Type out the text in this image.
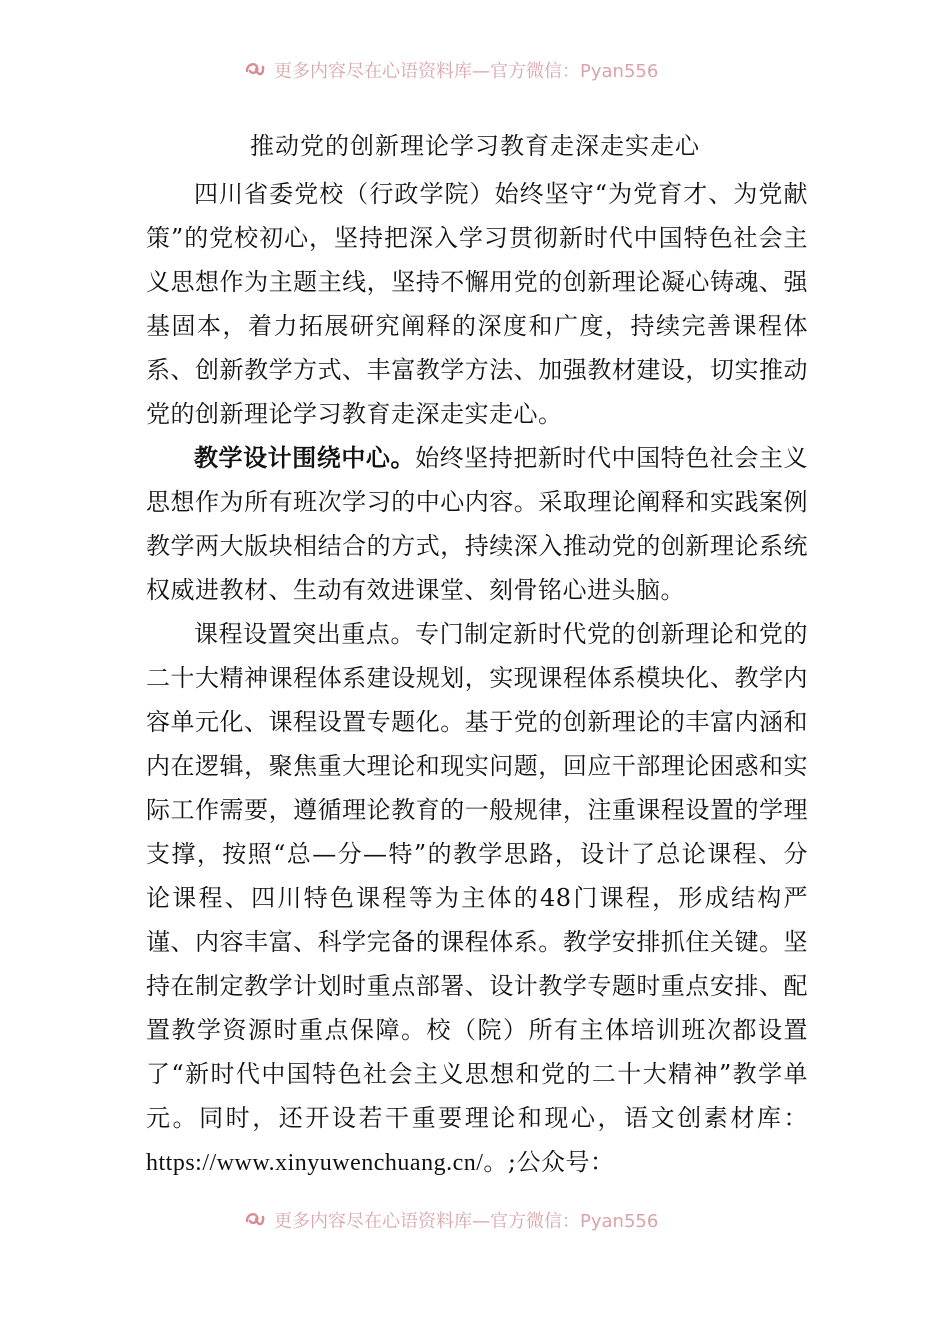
更多内容尽在心语资料库—官方微信：Pyan556
推动党的创新理论学习教育走深走实走心

四川省委党校（行政学院）始终坚守“为党育才、为党献策”的党校初心，坚持把深入学习贯彻新时代中国特色社会主义思想作为主题主线，坚持不懈用党的创新理论凝心铸魂、强基固本，着力拓展研究阐释的深度和广度，持续完善课程体系、创新教学方式、丰富教学方法、加强教材建设，切实推动党的创新理论学习教育走深走实走心。

教学设计围绕中心。始终坚持把新时代中国特色社会主义思想作为所有班次学习的中心内容。采取理论阐释和实践案例教学两大版块相结合的方式，持续深入推动党的创新理论系统权威进教材、生动有效进课堂、刻骨铭心进头脑。

课程设置突出重点。专门制定新时代党的创新理论和党的二十大精神课程体系建设规划，实现课程体系模块化、教学内容单元化、课程设置专题化。基于党的创新理论的丰富内涵和内在逻辑，聚焦重大理论和现实问题，回应干部理论困惑和实际工作需要，遵循理论教育的一般规律，注重课程设置的学理支撑，按照“总—分—特”的教学思路，设计了总论课程、分论课程、四川特色课程等为主体的48门课程，形成结构严谨、内容丰富、科学完备的课程体系。教学安排抓住关键。坚持在制定教学计划时重点部署、设计教学专题时重点安排、配置教学资源时重点保障。校（院）所有主体培训班次都设置了“新时代中国特色社会主义思想和党的二十大精神”教学单元。同时，还开设若干重要理论和现心，语文创素材库：https://www.xinyuwenchuang.cn/。;公众号：

更多内容尽在心语资料库—官方微信：Pyan556
